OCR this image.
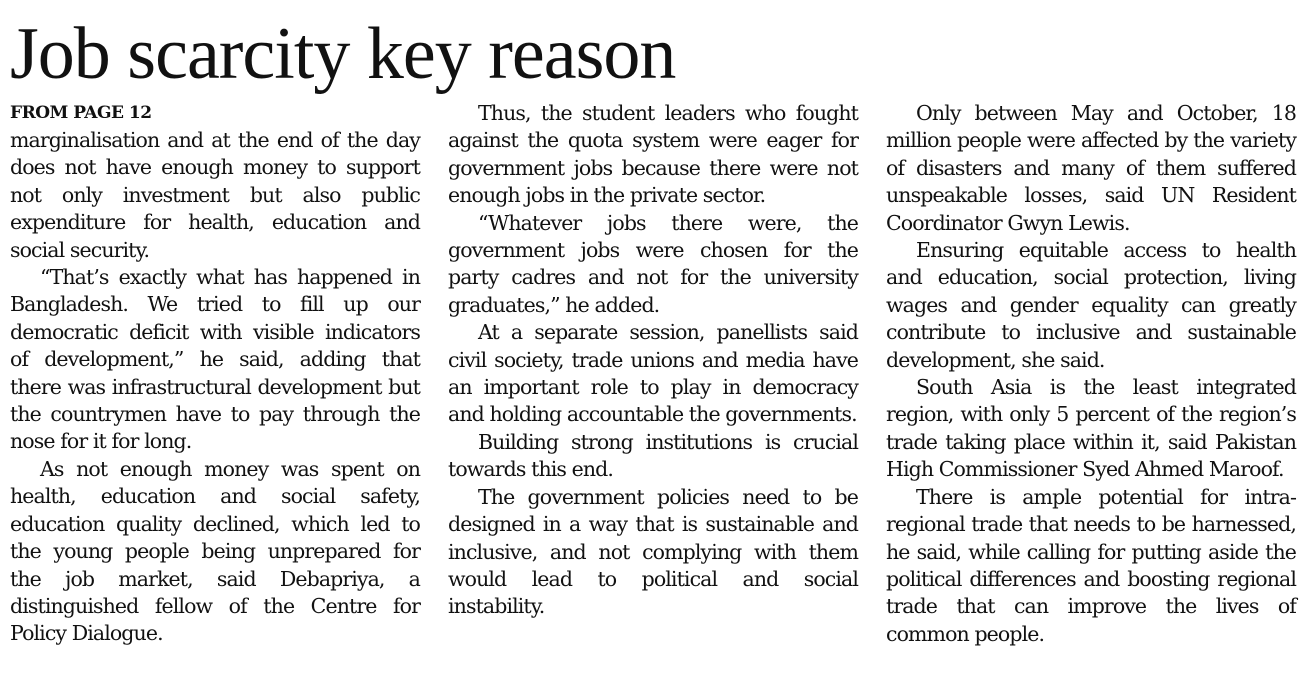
Job scarcity key reason
FROM PAGE 12

marginalisation and at the end of the day does not have enough money to support not only investment but also public expenditure for health, education and social security.

“That’s exactly what has happened in Bangladesh. We tried to fill up our democratic deficit with visible indicators of development,” he said, adding that there was infrastructural development but the countrymen have to pay through the nose for it for long.

As not enough money was spent on health, education and social safety, education quality declined, which led to the young people being unprepared for the job market, said Debapriya, a distinguished fellow of the Centre for Policy Dialogue.

Thus, the student leaders who fought against the quota system were eager for government jobs because there were not enough jobs in the private sector.

“Whatever jobs there were, the government jobs were chosen for the party cadres and not for the university graduates,” he added.

At a separate session, panellists said civil society, trade unions and media have an important role to play in democracy and holding accountable the governments.

Building strong institutions is crucial towards this end.

The government policies need to be designed in a way that is sustainable and inclusive, and not complying with them would lead to political and social instability.

Only between May and October, 18 million people were affected by the variety of disasters and many of them suffered unspeakable losses, said UN Resident Coordinator Gwyn Lewis.

Ensuring equitable access to health and education, social protection, living wages and gender equality can greatly contribute to inclusive and sustainable development, she said.

South Asia is the least integrated region, with only 5 percent of the region’s trade taking place within it, said Pakistan High Commissioner Syed Ahmed Maroof.

There is ample potential for intra-regional trade that needs to be harnessed, he said, while calling for putting aside the political differences and boosting regional trade that can improve the lives of common people.
